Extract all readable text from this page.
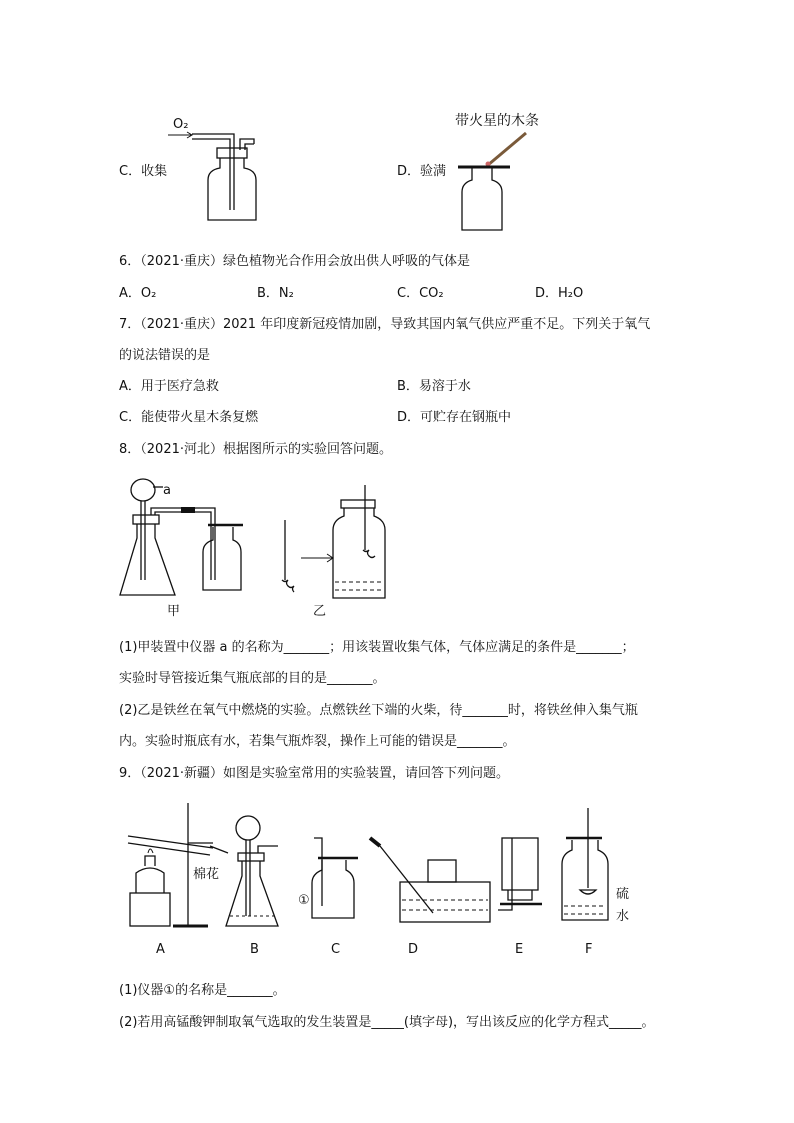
C．收集
O₂
D．验满
带火星的木条
6．（2021·重庆）绿色植物光合作用会放出供人呼吸的气体是
A．O₂	B．N₂	C．CO₂	D．H₂O
7．（2021·重庆）2021 年印度新冠疫情加剧，导致其国内氧气供应严重不足。下列关于氧气
的说法错误的是
A．用于医疗急救	B．易溶于水
C．能使带火星木条复燃	D．可贮存在钢瓶中
8．（2021·河北）根据图所示的实验回答问题。
a
甲	乙
(1)甲装置中仪器 a 的名称为_______；用该装置收集气体，气体应满足的条件是_______；
实验时导管接近集气瓶底部的目的是_______。
(2)乙是铁丝在氧气中燃烧的实验。点燃铁丝下端的火柴，待_______时，将铁丝伸入集气瓶
内。实验时瓶底有水，若集气瓶炸裂，操作上可能的错误是_______。
9．（2021·新疆）如图是实验室常用的实验装置，请回答下列问题。
棉花
A	B
①
C	D	E
硫
水
F
(1)仪器①的名称是_______。
(2)若用高锰酸钾制取氧气选取的发生装置是_____(填字母)，写出该反应的化学方程式_____。
